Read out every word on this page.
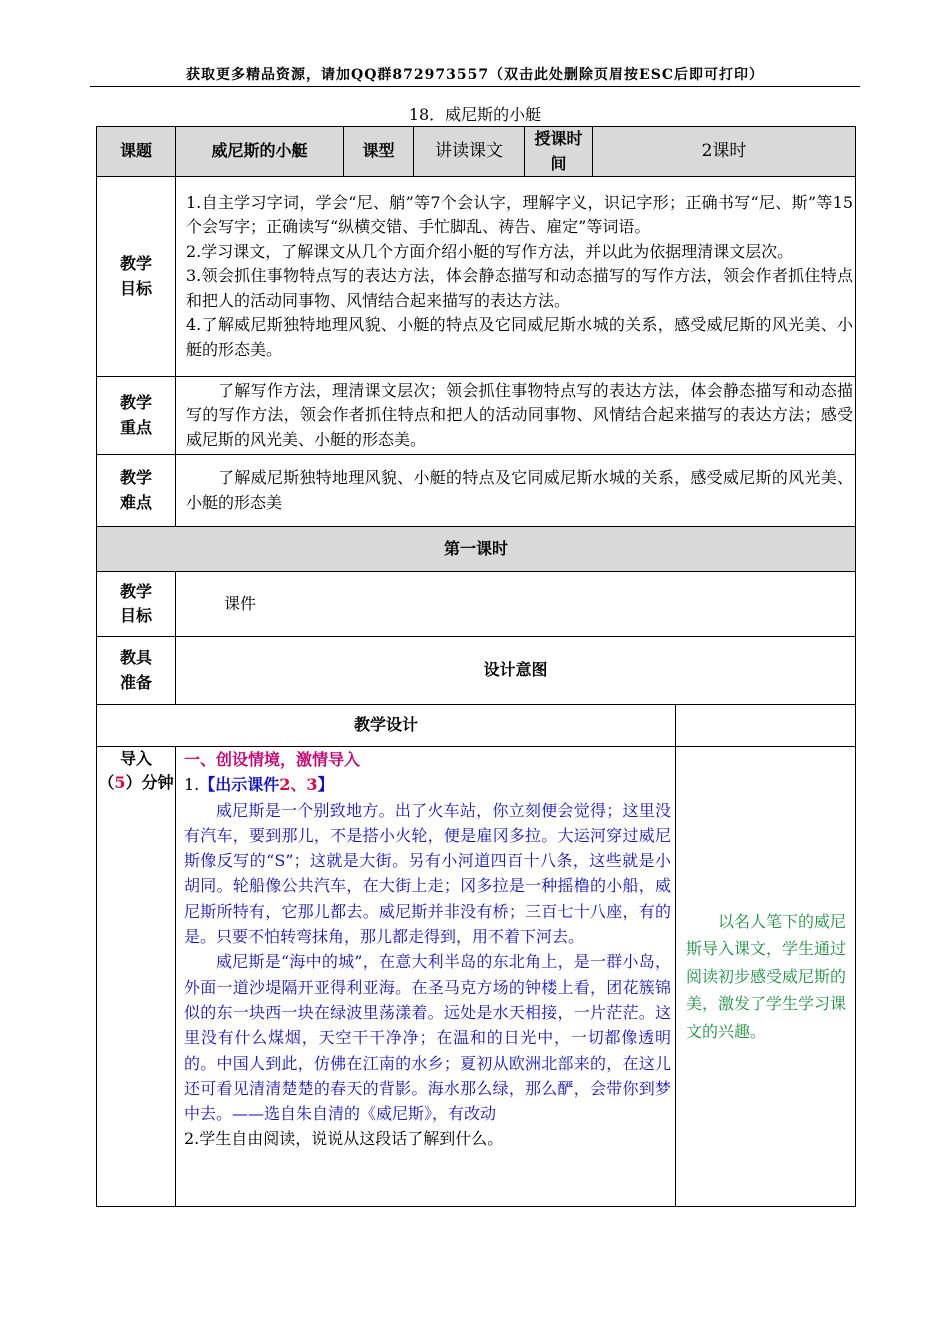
获取更多精品资源，请加QQ群872973557（双击此处删除页眉按ESC后即可打印）
18．威尼斯的小艇
课题	威尼斯的小艇	课型	讲读课文	授课时间	2课时	
教学目标	1.自主学习字词，学会“尼、艄”等7个会认字，理解字义，识记字形；正确书写“尼、斯”等15个会写字；正确读写“纵横交错、手忙脚乱、祷告、雇定”等词语。
2.学习课文，了解课文从几个方面介绍小艇的写作方法，并以此为依据理清课文层次。
3.领会抓住事物特点写的表达方法，体会静态描写和动态描写的写作方法，领会作者抓住特点和把人的活动同事物、风情结合起来描写的表达方法。
4.了解威尼斯独特地理风貌、小艇的特点及它同威尼斯水城的关系，感受威尼斯的风光美、小艇的形态美。					

教学重点	了解写作方法，理清课文层次；领会抓住事物特点写的表达方法，体会静态描写和动态描写的写作方法，领会作者抓住特点和把人的活动同事物、风情结合起来描写的表达方法；感受威尼斯的风光美、小艇的形态美。					

教学难点	了解威尼斯独特地理风貌、小艇的特点及它同威尼斯水城的关系，感受威尼斯的风光美、小艇的形态美					

第一课时						
教学目标	课件					
教具准备	设计意图					
教学设计						

导入
（5）分钟	一、创设情境，激情导入
1.【出示课件2、3】
威尼斯是一个别致地方。出了火车站，你立刻便会觉得；这里没有汽车，要到那儿，不是搭小火轮，便是雇冈多拉。大运河穿过威尼斯像反写的“S”；这就是大街。另有小河道四百十八条，这些就是小胡同。轮船像公共汽车，在大街上走；冈多拉是一种摇橹的小船，威尼斯所特有，它那儿都去。威尼斯并非没有桥；三百七十八座，有的是。只要不怕转弯抹角，那儿都走得到，用不着下河去。
威尼斯是“海中的城”，在意大利半岛的东北角上，是一群小岛，外面一道沙堤隔开亚得利亚海。在圣马克方场的钟楼上看，团花簇锦似的东一块西一块在绿波里荡漾着。远处是水天相接，一片茫茫。这里没有什么煤烟，天空干干净净；在温和的日光中，一切都像透明的。中国人到此，仿佛在江南的水乡；夏初从欧洲北部来的，在这儿还可看见清清楚楚的春天的背影。海水那么绿，那么酽，会带你到梦中去。——选自朱自清的《威尼斯》，有改动
2.学生自由阅读，说说从这段话了解到什么。					以名人笔下的威尼斯导入课文，学生通过阅读初步感受威尼斯的美，激发了学生学习课文的兴趣。
